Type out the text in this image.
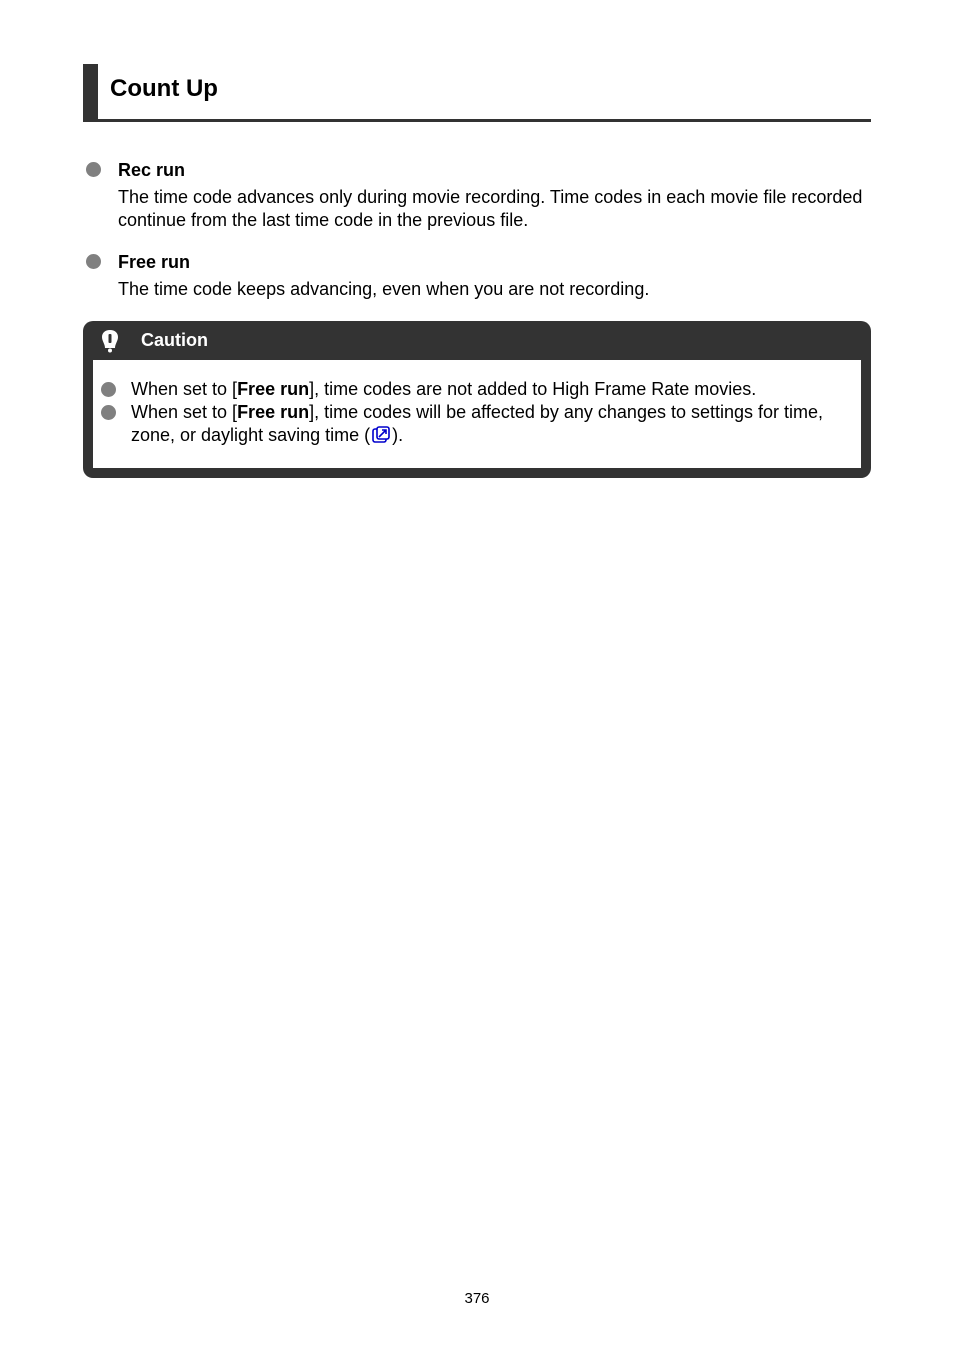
Count Up

Rec run

The time code advances only during movie recording. Time codes in each movie file recorded continue from the last time code in the previous file.

Free run

The time code keeps advancing, even when you are not recording.

Caution
When set to [Free run], time codes are not added to High Frame Rate movies.
When set to [Free run], time codes will be affected by any changes to settings for time, zone, or daylight saving time ( ).
376
